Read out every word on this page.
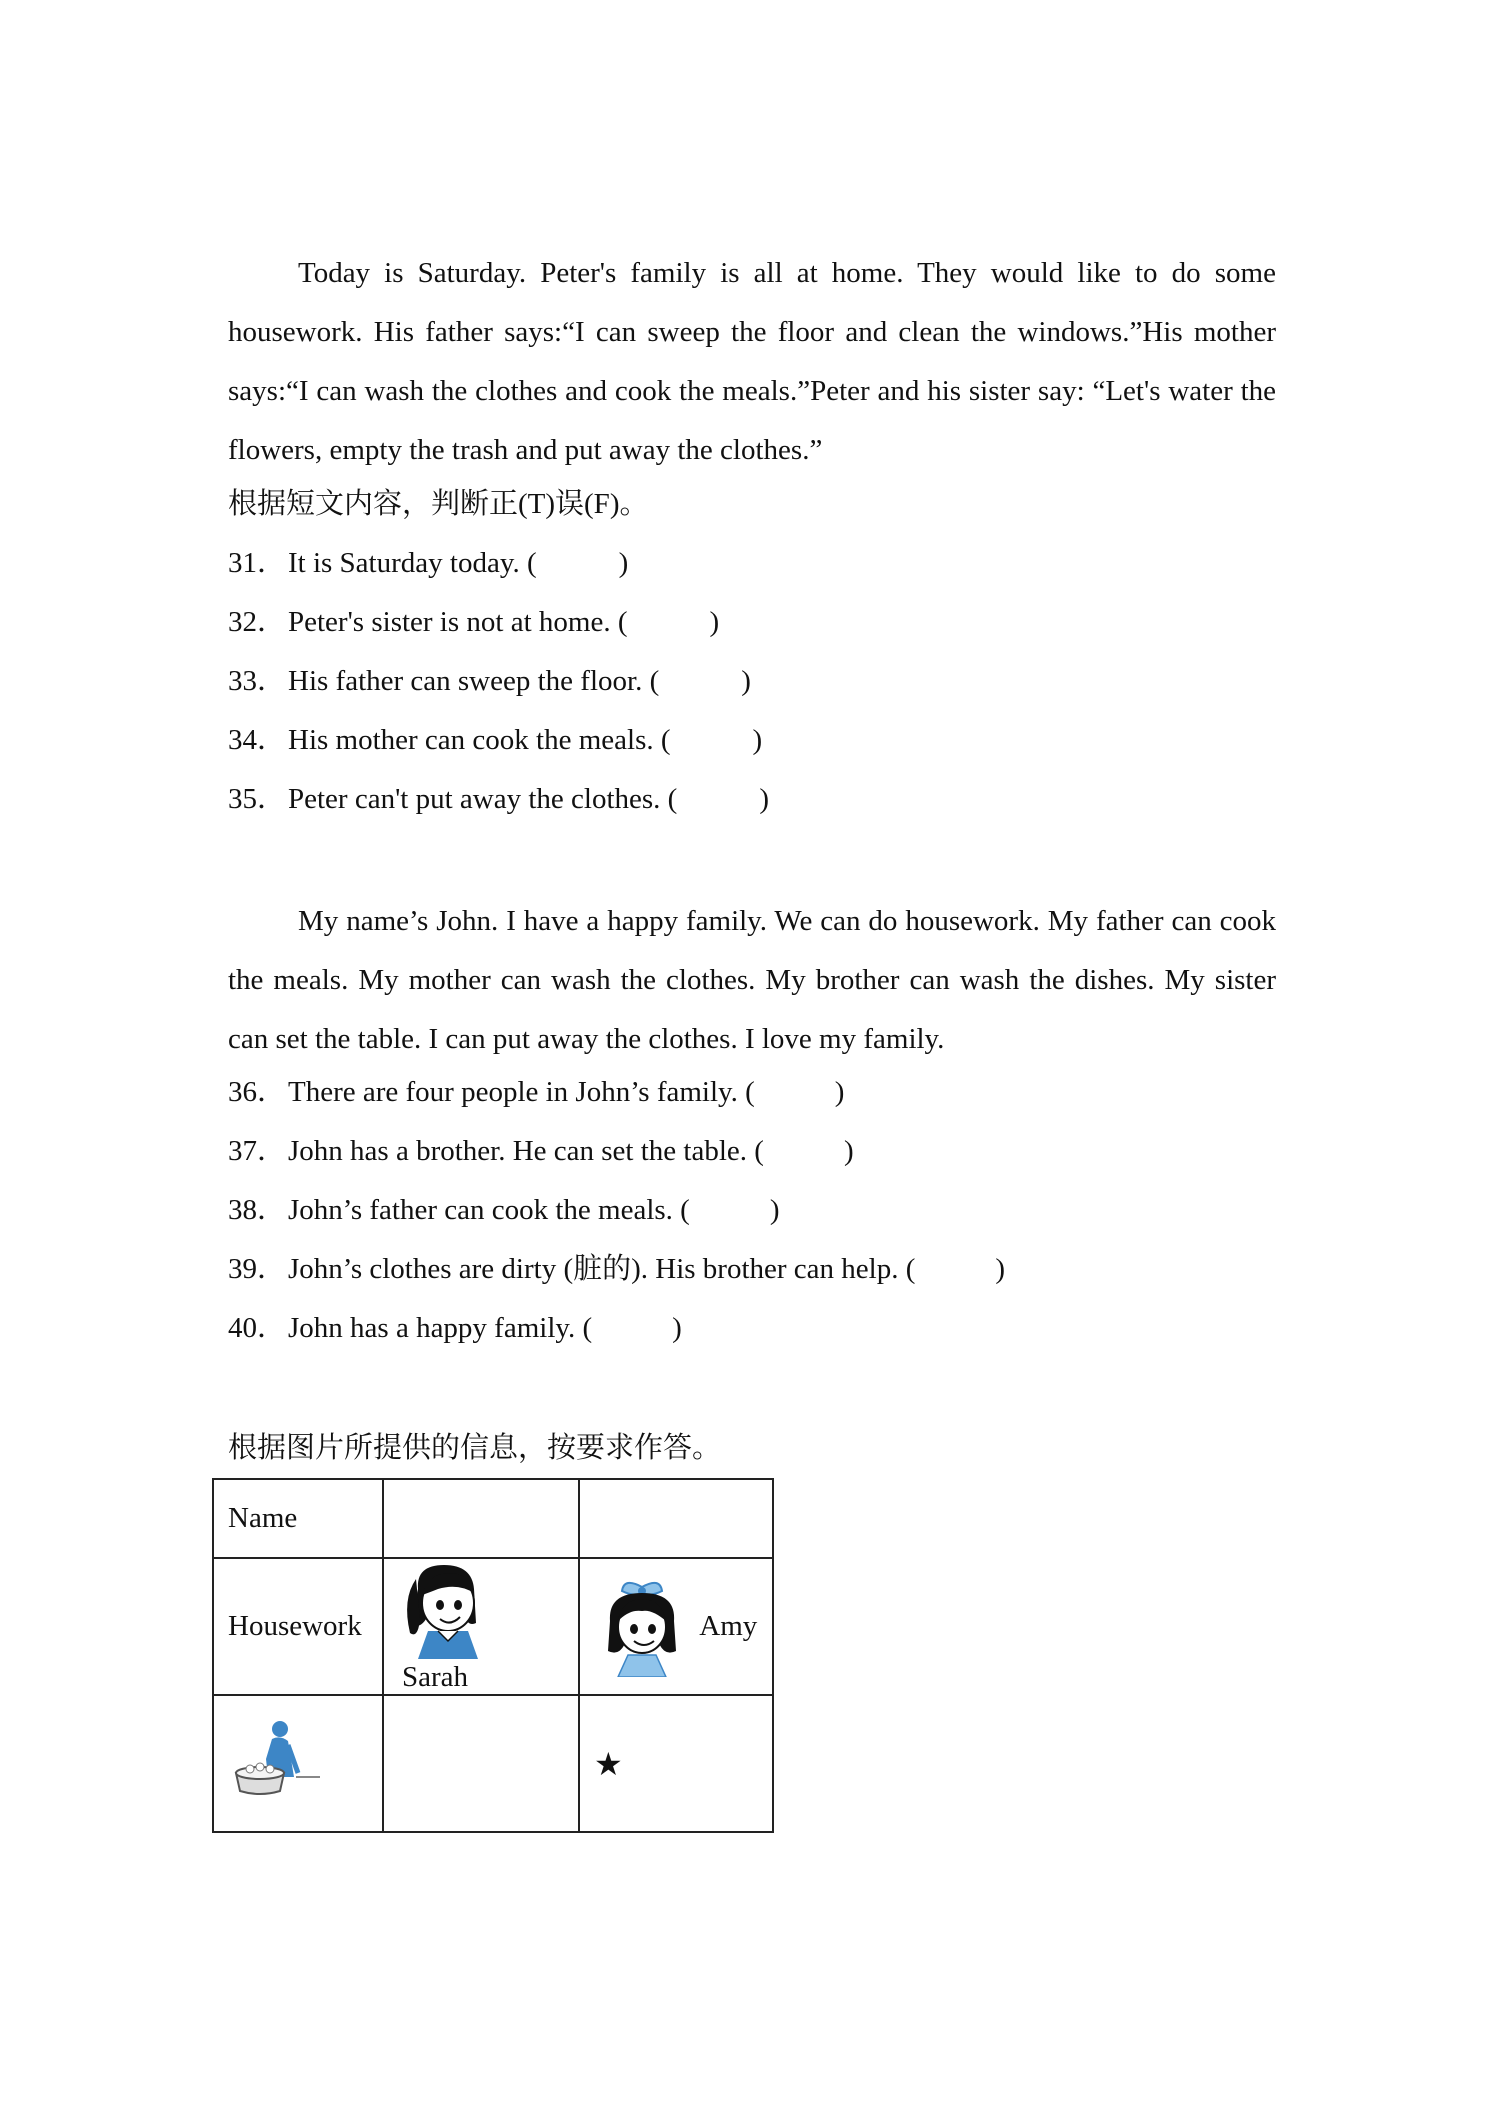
Today is Saturday. Peter's family is all at home. They would like to do some housework. His father says:“I can sweep the floor and clean the windows.”His mother says:“I can wash the clothes and cook the meals.”Peter and his sister say: “Let's water the flowers, empty the trash and put away the clothes.”

根据短文内容，判断正(T)误(F)。
31．It is Saturday today. (	)
32．Peter's sister is not at home. (	)
33．His father can sweep the floor. (	)
34．His mother can cook the meals. (	)
35．Peter can't put away the clothes. (	)

My name’s John. I have a happy family. We can do housework. My father can cook the meals. My mother can wash the clothes. My brother can wash the dishes. My sister can set the table. I can put away the clothes. I love my family.

36．There are four people in John’s family. (	)
37．John has a brother. He can set the table. (	)
38．John’s father can cook the meals. (	)
39．John’s clothes are dirty (脏的). His brother can help. (	)
40．John has a happy family. (	)
根据图片所提供的信息，按要求作答。
Name		
Housework	Sarah	Amy
		★
